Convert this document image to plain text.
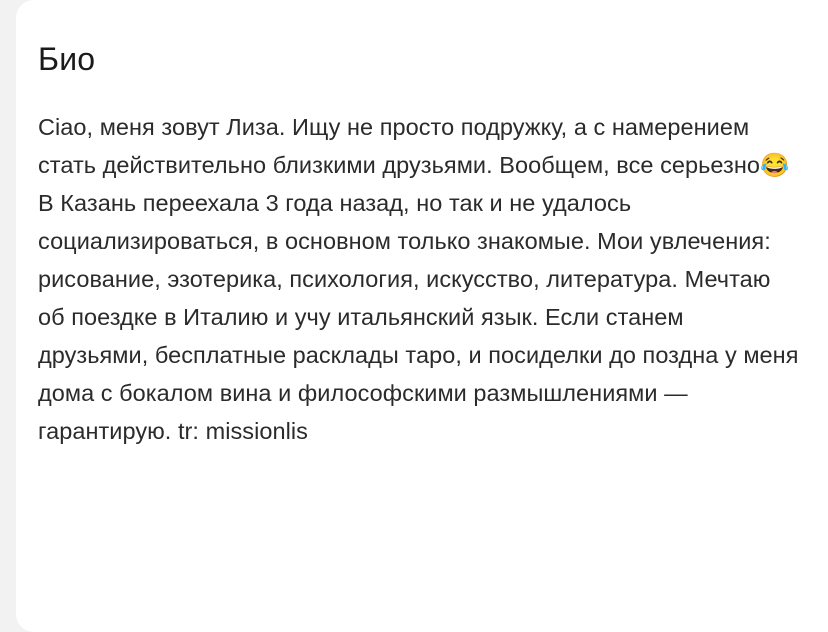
Био

Ciao, меня зовут Лиза. Ищу не просто подружку, а с намерением стать действительно близкими друзьями. Вообщем, все серьезно😂 В Казань переехала 3 года назад, но так и не удалось социализироваться, в основном только знакомые. Мои увлечения: рисование, эзотерика, психология, искусство, литература. Мечтаю об поездке в Италию и учу итальянский язык. Если станем друзьями, бесплатные расклады таро, и посиделки до поздна у меня дома с бокалом вина и философскими размышлениями — гарантирую. tr: missionlis
